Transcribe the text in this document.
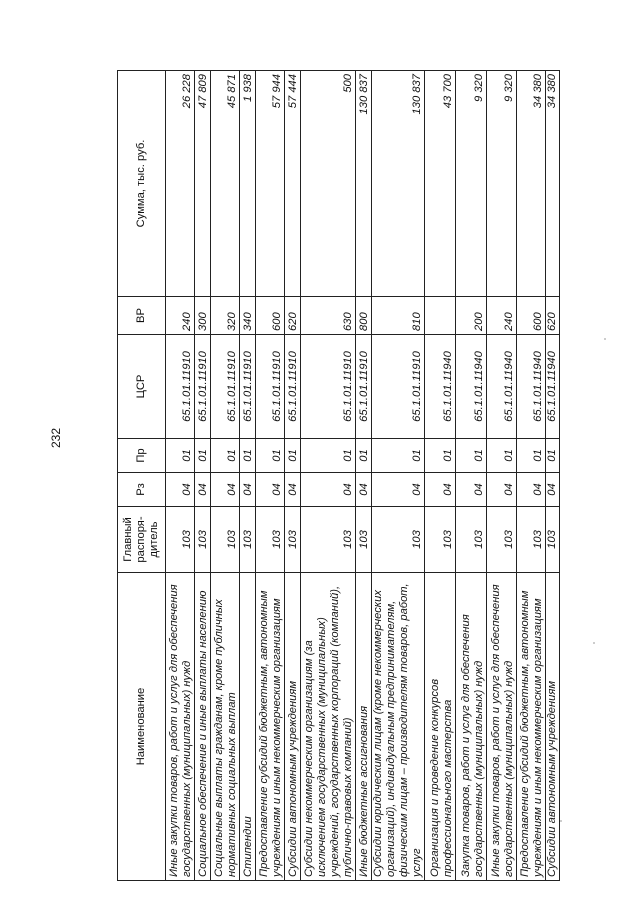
232
Наименование	Главный распоря-дитель	Рз	Пр	ЦСР	ВР	Сумма, тыс. руб.
Иные закупки товаров, работ и услуг для обеспечения государственных (муниципальных) нужд	103	04	01	65.1.01.11910	240	26 228
Социальное обеспечение и иные выплаты населению	103	04	01	65.1.01.11910	300	47 809
Социальные выплаты гражданам, кроме публичных нормативных социальных выплат	103	04	01	65.1.01.11910	320	45 871
Стипендии	103	04	01	65.1.01.11910	340	1 938
Предоставление субсидий бюджетным, автономным учреждениям и иным некоммерческим организациям	103	04	01	65.1.01.11910	600	57 944
Субсидии автономным учреждениям	103	04	01	65.1.01.11910	620	57 444
Субсидии некоммерческим организациям (за исключением государственных (муниципальных) учреждений, государственных корпораций (компаний), публично-правовых компаний)	103	04	01	65.1.01.11910	630	500
Иные бюджетные ассигнования	103	04	01	65.1.01.11910	800	130 837
Субсидии юридическим лицам (кроме некоммерческих организаций), индивидуальным предпринимателям, физическим лицам – производителям товаров, работ, услуг	103	04	01	65.1.01.11910	810	130 837
Организация и проведение конкурсов профессионального мастерства	103	04	01	65.1.01.11940		43 700
Закупка товаров, работ и услуг для обеспечения государственных (муниципальных) нужд	103	04	01	65.1.01.11940	200	9 320
Иные закупки товаров, работ и услуг для обеспечения государственных (муниципальных) нужд	103	04	01	65.1.01.11940	240	9 320
Предоставление субсидий бюджетным, автономным учреждениям и иным некоммерческим организациям	103	04	01	65.1.01.11940	600	34 380
Субсидии автономным учреждениям	103	04	01	65.1.01.11940	620	34 380
